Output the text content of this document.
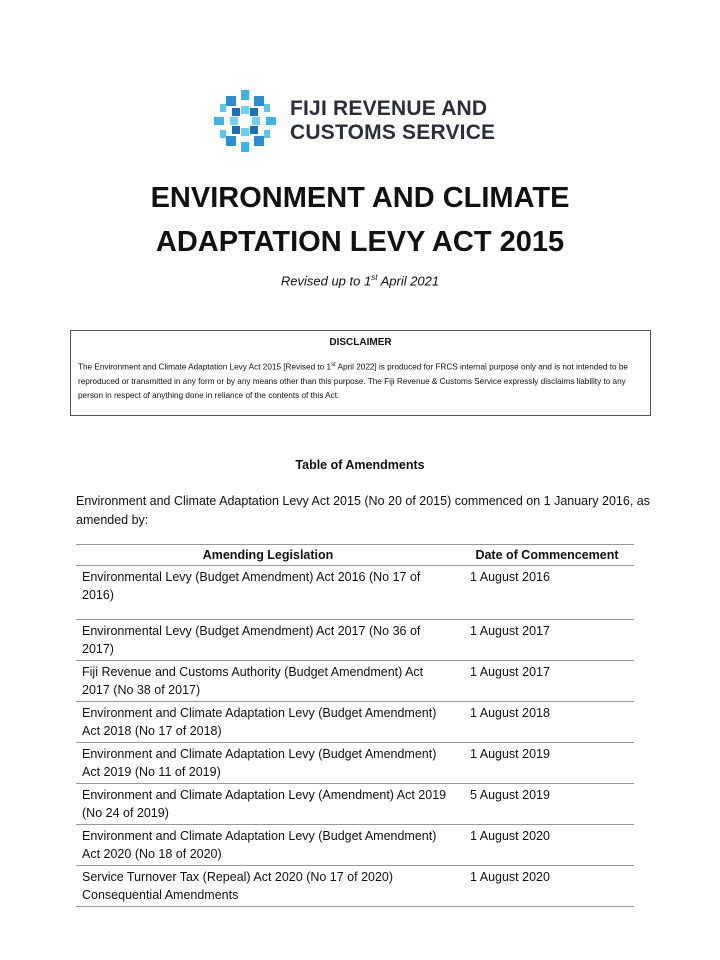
FIJI REVENUE AND
CUSTOMS SERVICE
ENVIRONMENT AND CLIMATE
ADAPTATION LEVY ACT 2015
Revised up to 1st April 2021
DISCLAIMER
The Environment and Climate Adaptation Levy Act 2015 [Revised to 1st April 2022] is produced for FRCS internal purpose only and is not intended to be reproduced or transmitted in any form or by any means other than this purpose. The Fiji Revenue & Customs Service expressly disclaims liability to any person in respect of anything done in reliance of the contents of this Act.
Table of Amendments
Environment and Climate Adaptation Levy Act 2015 (No 20 of 2015) commenced on 1 January 2016, as amended by:
Amending Legislation	Date of Commencement
Environmental Levy (Budget Amendment) Act 2016 (No 17 of 2016)	1 August 2016
Environmental Levy (Budget Amendment) Act 2017 (No 36 of 2017)	1 August 2017
Fiji Revenue and Customs Authority (Budget Amendment) Act 2017 (No 38 of 2017)	1 August 2017
Environment and Climate Adaptation Levy (Budget Amendment) Act 2018 (No 17 of 2018)	1 August 2018
Environment and Climate Adaptation Levy (Budget Amendment) Act 2019 (No 11 of 2019)	1 August 2019
Environment and Climate Adaptation Levy (Amendment) Act 2019 (No 24 of 2019)	5 August 2019
Environment and Climate Adaptation Levy (Budget Amendment) Act 2020 (No 18 of 2020)	1 August 2020
Service Turnover Tax (Repeal) Act 2020 (No 17 of 2020) Consequential Amendments	1 August 2020
